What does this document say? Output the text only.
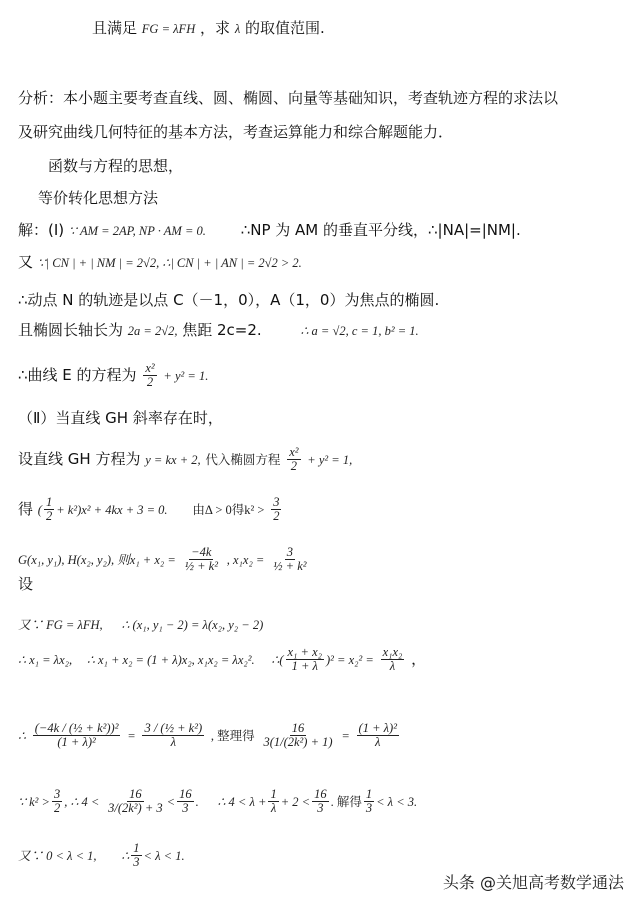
且满足 FG = λFH ，求 λ 的取值范围.
分析：本小题主要考查直线、圆、椭圆、向量等基础知识，考查轨迹方程的求法以
及研究曲线几何特征的基本方法，考查运算能力和综合解题能力．
函数与方程的思想，
等价转化思想方法
解：(Ⅰ) ∵ AM = 2AP, NP · AM = 0. ∴NP 为 AM 的垂直平分线，∴|NA|=|NM|.
又 ∵| CN | + | NM | = 2√2, ∴| CN | + | AN | = 2√2 > 2.
∴动点 N 的轨迹是以点 C（－1，0），A（1，0）为焦点的椭圆.
且椭圆长轴长为 2a = 2√2, 焦距 2c=2.	∴ a = √2, c = 1, b² = 1.
∴曲线 E 的方程为 $\frac{\text{x²}}{2} + y^2 = 1$.
（Ⅱ）当直线 GH 斜率存在时，
设直线 GH 方程为 y = kx + 2, 代入椭圆方程 $\frac{\text{x²}}{2} + y^2 = 1$,
得 ( $\frac{1}{2} + k^2)x^2 + 4kx + 3 = 0$. 由Δ > 0得$k^2 > \frac{3}{2}$
G(x₁, y₁), H(x₂, y₂), 则$x_1 + x_2 = \frac{-4k}{\text{½ + k²}}$ , $x_1x_2 = \frac{3}{\text{½ + k²}}$
设
又∵ FG = λFH, ∴ (x₁, y₁ − 2) = λ(x₂, y₂ − 2)
∴ x₁ = λx₂, ∴ x₁ + x₂ = (1 + λ)x₂, x₁x₂ = λx₂². ∴( $\frac{\text{x₁ + x₂}}{1 + \lambda} )^2 = x_2^2 = \frac{\text{x₁x₂}}{\lambda}$ ，
∴ $\frac{\text{(−4k / (½ + k²))²}}{\text{(1 + λ)²}} = \frac{\text{3 / (½ + k²)}}{\lambda}$ , 整理得 $\frac{16}{\text{3(1/(2k²) + 1)}} = \frac{\text{(1 + λ)²}}{\lambda}$
∵ $k^2 > \frac{3}{2}$ , ∴ $4 < \frac{16}{\text{3/(2k²) + 3}} < \frac{16}{3}$ . ∴ $4 < \lambda + \frac{1}{\lambda} + 2 < \frac{16}{3}$ . 解得 $\frac{1}{3} < \lambda < 3$.
又∵ 0 < λ < 1, ∴ $\frac{1}{3} < \lambda < 1$.
头条 @关旭高考数学通法
